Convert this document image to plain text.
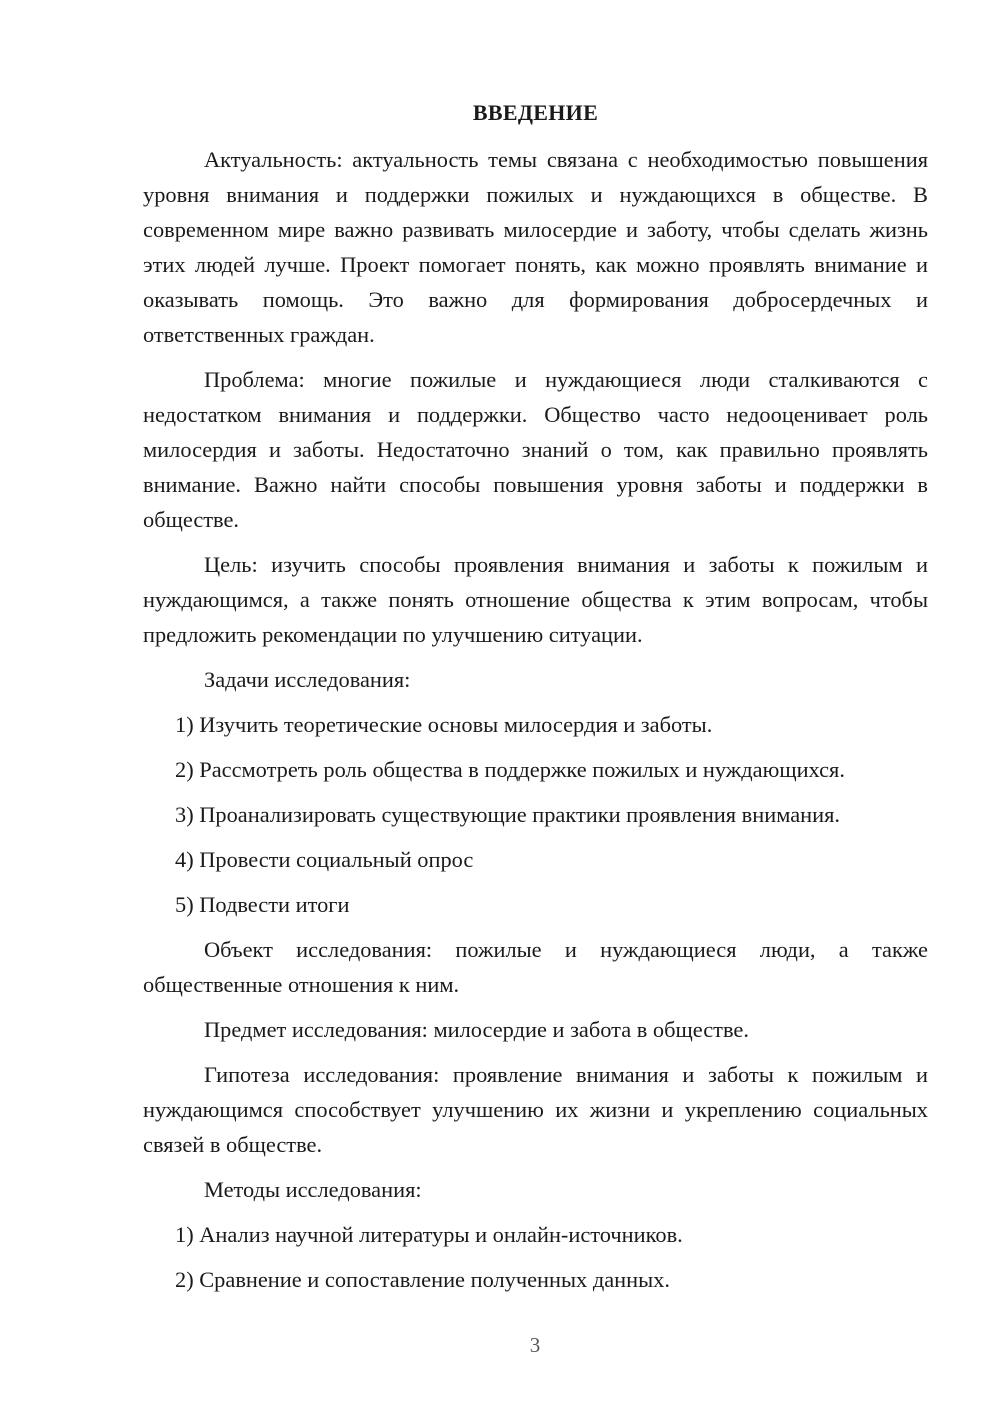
ВВЕДЕНИЕ

Актуальность: актуальность темы связана с необходимостью повышения уровня внимания и поддержки пожилых и нуждающихся в обществе. В современном мире важно развивать милосердие и заботу, чтобы сделать жизнь этих людей лучше. Проект помогает понять, как можно проявлять внимание и оказывать помощь. Это важно для формирования добросердечных и ответственных граждан.

Проблема: многие пожилые и нуждающиеся люди сталкиваются с недостатком внимания и поддержки. Общество часто недооценивает роль милосердия и заботы. Недостаточно знаний о том, как правильно проявлять внимание. Важно найти способы повышения уровня заботы и поддержки в обществе.

Цель: изучить способы проявления внимания и заботы к пожилым и нуждающимся, а также понять отношение общества к этим вопросам, чтобы предложить рекомендации по улучшению ситуации.

Задачи исследования:

1) Изучить теоретические основы милосердия и заботы.

2) Рассмотреть роль общества в поддержке пожилых и нуждающихся.

3) Проанализировать существующие практики проявления внимания.

4) Провести социальный опрос

5) Подвести итоги

Объект исследования: пожилые и нуждающиеся люди, а также общественные отношения к ним.

Предмет исследования: милосердие и забота в обществе.

Гипотеза исследования: проявление внимания и заботы к пожилым и нуждающимся способствует улучшению их жизни и укреплению социальных связей в обществе.

Методы исследования:

1) Анализ научной литературы и онлайн-источников.

2) Сравнение и сопоставление полученных данных.

3
